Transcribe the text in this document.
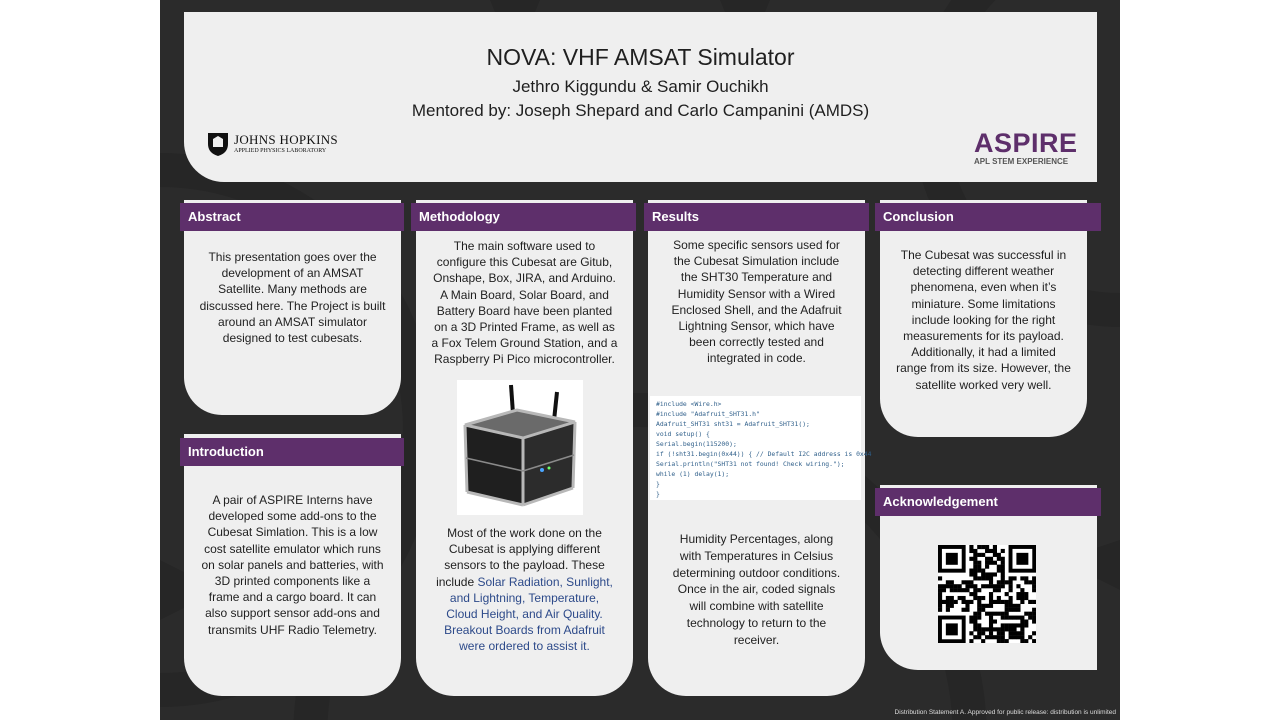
NOVA: VHF AMSAT Simulator
Jethro Kiggundu & Samir Ouchikh
Mentored by: Joseph Shepard and Carlo Campanini (AMDS)
JOHNS HOPKINS
APPLIED PHYSICS LABORATORY	ASPIRE
APL STEM EXPERIENCE
This presentation goes over the
development of an AMSAT
Satellite. Many methods are
discussed here. The Project is built
around an AMSAT simulator
designed to test cubesats.
Abstract
A pair of ASPIRE Interns have
developed some add-ons to the
Cubesat Simlation. This is a low
cost satellite emulator which runs
on solar panels and batteries, with
3D printed components like a
frame and a cargo board. It can
also support sensor add-ons and
transmits UHF Radio Telemetry.
Introduction
The main software used to
configure this Cubesat are Gitub,
Onshape, Box, JIRA, and Arduino.
A Main Board, Solar Board, and
Battery Board have been planted
on a 3D Printed Frame, as well as
a Fox Telem Ground Station, and a
Raspberry Pi Pico microcontroller.
Most of the work done on the
Cubesat is applying different
sensors to the payload. These
include Solar Radiation, Sunlight,
and Lightning, Temperature,
Cloud Height, and Air Quality.
Breakout Boards from Adafruit
were ordered to assist it.
Methodology
Some specific sensors used for
the Cubesat Simulation include
the SHT30 Temperature and
Humidity Sensor with a Wired
Enclosed Shell, and the Adafruit
Lightning Sensor, which have
been correctly tested and
integrated in code.
#include <Wire.h>
#include "Adafruit_SHT31.h"
Adafruit_SHT31 sht31 = Adafruit_SHT31();
void setup() {
Serial.begin(115200);
if (!sht31.begin(0x44)) { // Default I2C address is 0x44
Serial.println("SHT31 not found! Check wiring.");
while (1) delay(1);
}
}
Humidity Percentages, along
with Temperatures in Celsius
determining outdoor conditions.
Once in the air, coded signals
will combine with satellite
technology to return to the
receiver.
Results
The Cubesat was successful in
detecting different weather
phenomena, even when it’s
miniature. Some limitations
include looking for the right
measurements for its payload.
Additionally, it had a limited
range from its size. However, the
satellite worked very well.
Conclusion
Acknowledgement
Distribution Statement A. Approved for public release: distribution is unlimited
